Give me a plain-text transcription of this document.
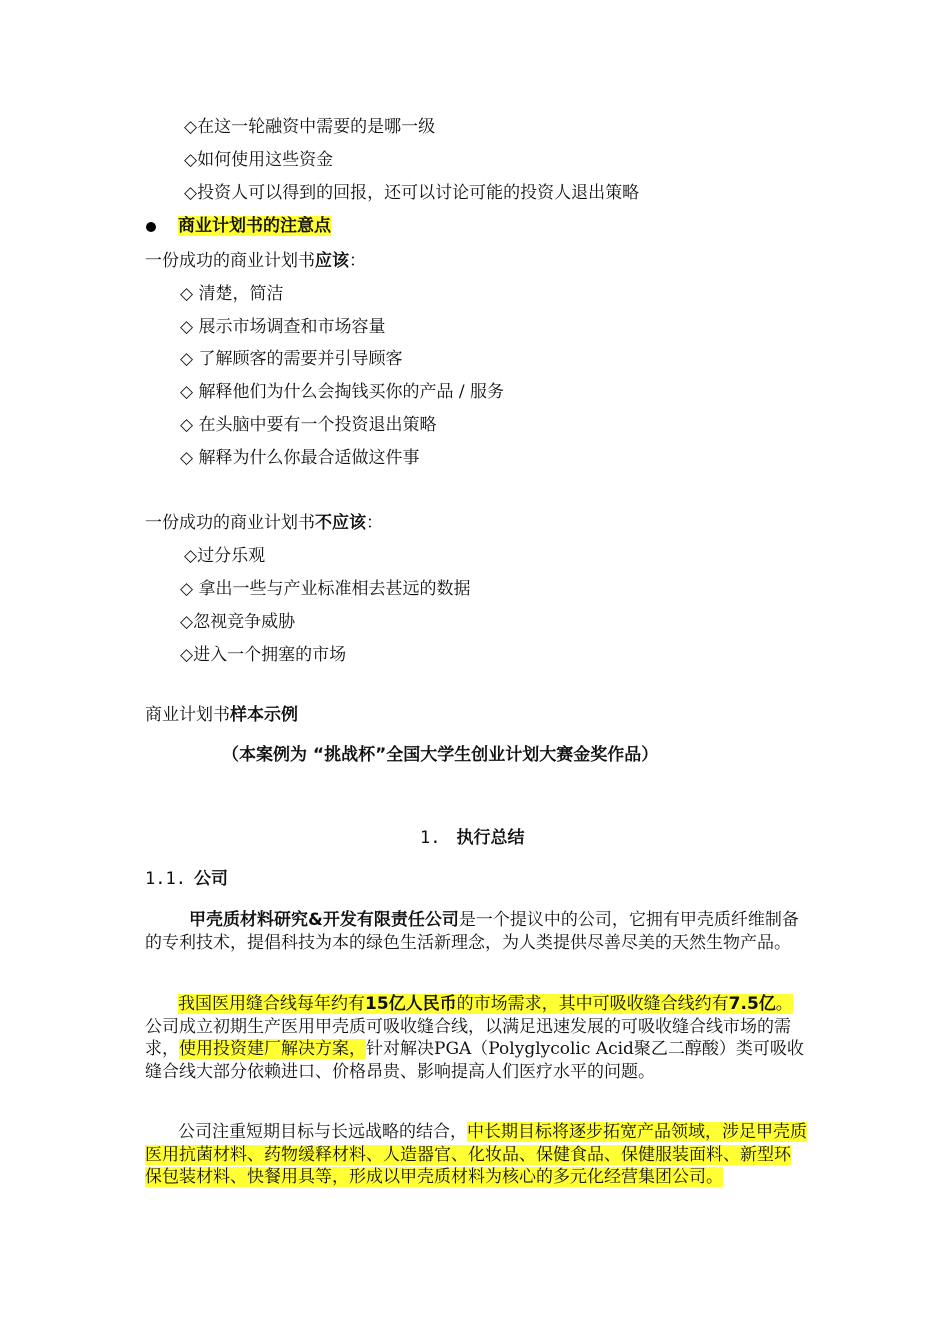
◇在这一轮融资中需要的是哪一级
◇如何使用这些资金
◇投资人可以得到的回报，还可以讨论可能的投资人退出策略
商业计划书的注意点
一份成功的商业计划书应该：
◇ 清楚，简洁
◇ 展示市场调查和市场容量
◇ 了解顾客的需要并引导顾客
◇ 解释他们为什么会掏钱买你的产品 / 服务
◇ 在头脑中要有一个投资退出策略
◇ 解释为什么你最合适做这件事
一份成功的商业计划书不应该：
◇过分乐观
◇ 拿出一些与产业标准相去甚远的数据
◇忽视竞争威胁
◇进入一个拥塞的市场
商业计划书样本示例
（本案例为 “挑战杯”全国大学生创业计划大赛金奖作品）
1. 执行总结
1.1. 公司
甲壳质材料研究&开发有限责任公司是一个提议中的公司，它拥有甲壳质纤维制备的专利技术，提倡科技为本的绿色生活新理念，为人类提供尽善尽美的天然生物产品。
我国医用缝合线每年约有15亿人民币的市场需求，其中可吸收缝合线约有7.5亿。公司成立初期生产医用甲壳质可吸收缝合线，以满足迅速发展的可吸收缝合线市场的需求，使用投资建厂解决方案，针对解决PGA（Polyglycolic Acid聚乙二醇酸）类可吸收缝合线大部分依赖进口、价格昂贵、影响提高人们医疗水平的问题。
公司注重短期目标与长远战略的结合，中长期目标将逐步拓宽产品领域，涉足甲壳质医用抗菌材料、药物缓释材料、人造器官、化妆品、保健食品、保健服装面料、新型环保包装材料、快餐用具等，形成以甲壳质材料为核心的多元化经营集团公司。
